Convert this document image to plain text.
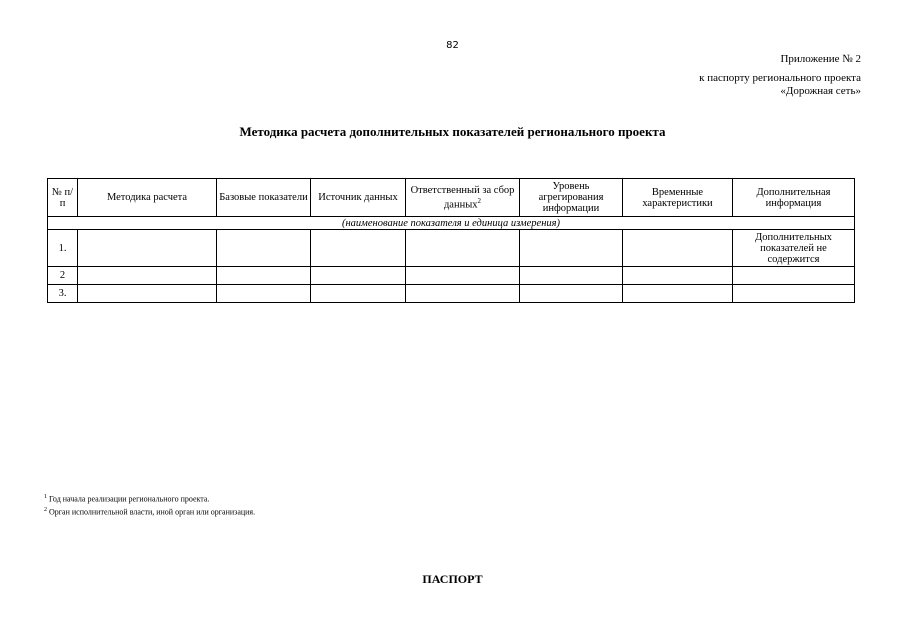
82
Приложение № 2
к паспорту регионального проекта
«Дорожная сеть»
Методика расчета дополнительных показателей регионального проекта
№ п/п	Методика расчета	Базовые показатели	Источник данных	Ответственный за сбор данных$^2$	Уровень агрегирования информации	Временные характеристики	Дополнительная информация
(наименование показателя и единица измерения)							
1.							Дополнительных показателей не содержится
2							
3.							
$^1$ Год начала реализации регионального проекта.
$^2$ Орган исполнительной власти, иной орган или организация.
ПАСПОРТ
